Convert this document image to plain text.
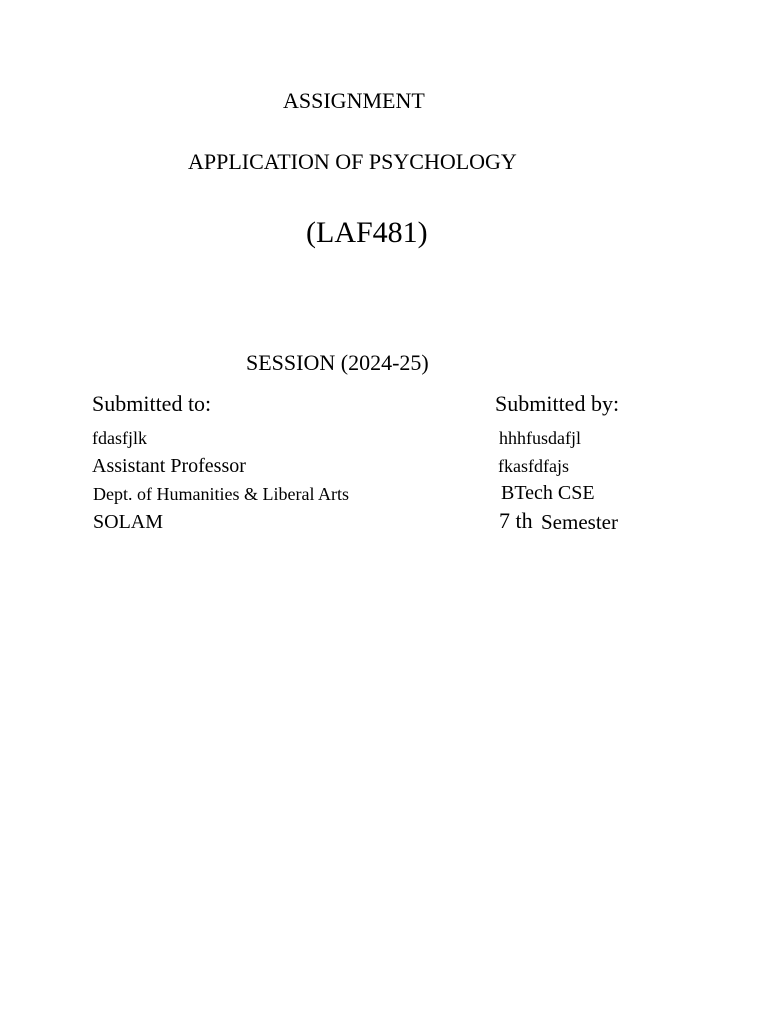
ASSIGNMENT
APPLICATION OF PSYCHOLOGY
(LAF481)
SESSION (2024-25)
Submitted to:
fdasfjlk
Assistant Professor
Dept. of Humanities & Liberal Arts
SOLAM
Submitted by:
hhhfusdafjl
fkasfdfajs
BTech CSE
7 th Semester
